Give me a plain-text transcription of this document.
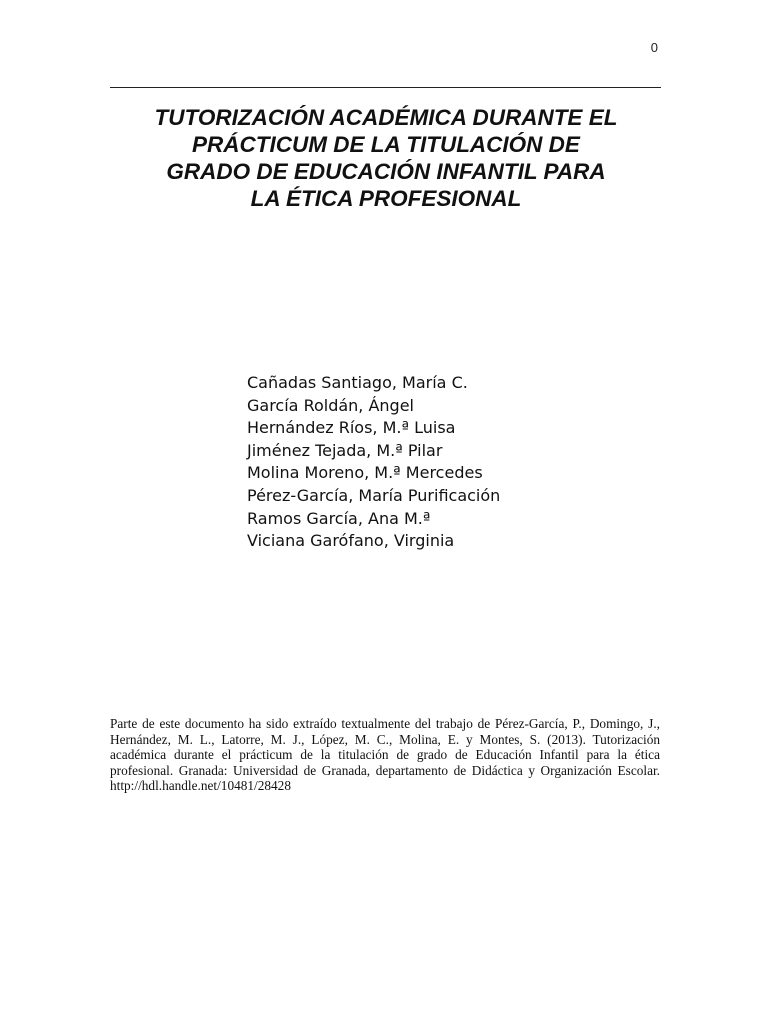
0
TUTORIZACIÓN ACADÉMICA DURANTE EL
PRÁCTICUM DE LA TITULACIÓN DE
GRADO DE EDUCACIÓN INFANTIL PARA
LA ÉTICA PROFESIONAL
Cañadas Santiago, María C.
García Roldán, Ángel
Hernández Ríos, M.ª Luisa
Jiménez Tejada, M.ª Pilar
Molina Moreno, M.ª Mercedes
Pérez-García, María Purificación
Ramos García, Ana M.ª
Viciana Garófano, Virginia

Parte de este documento ha sido extraído textualmente del trabajo de Pérez-García, P., Domingo, J., Hernández, M. L., Latorre, M. J., López, M. C., Molina, E. y Montes, S. (2013). Tutorización académica durante el prácticum de la titulación de grado de Educación Infantil para la ética profesional. Granada: Universidad de Granada, departamento de Didáctica y Organización Escolar. http://hdl.handle.net/10481/28428
